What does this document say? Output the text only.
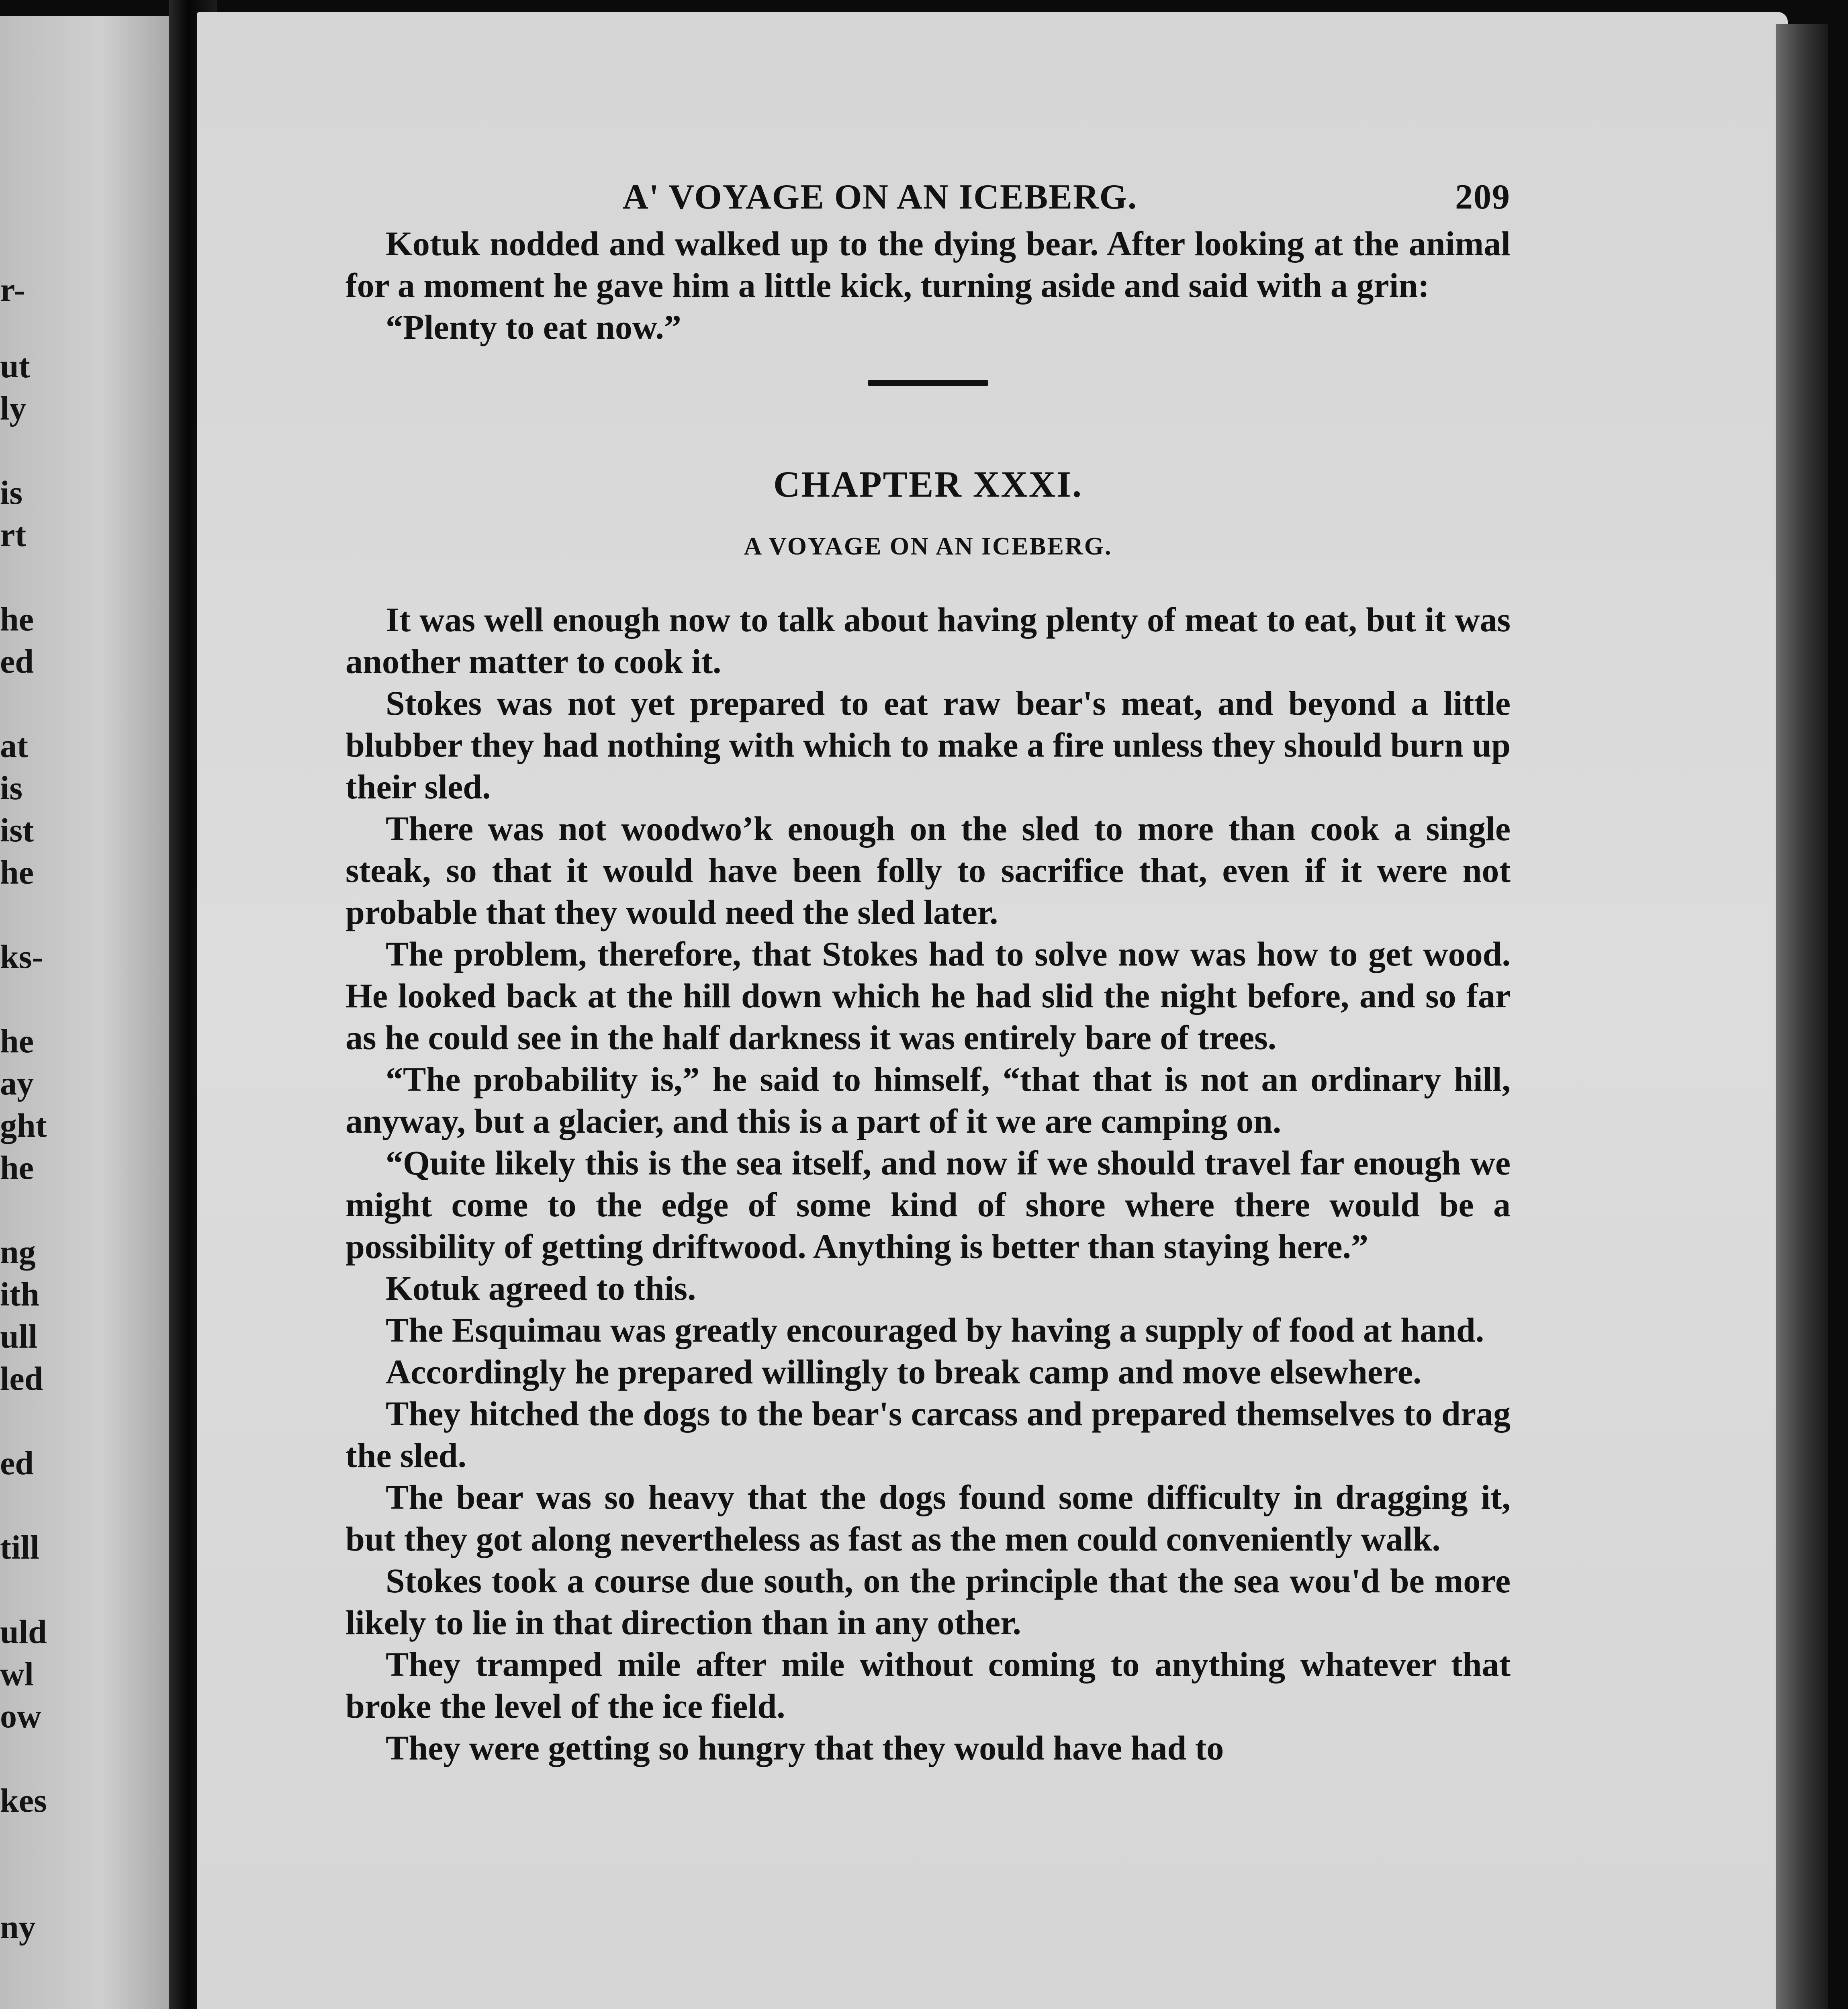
r-
ut
ly
is
rt
he
ed
at
is
ist
he
ks-
he
ay
ght
he
ng
ith
ull
led
ed
till
uld
wl
ow
kes
ny
A' VOYAGE ON AN ICEBERG.	209

Kotuk nodded and walked up to the dying bear. After looking at the animal for a moment he gave him a little kick, turning aside and said with a grin:

“Plenty to eat now.”

CHAPTER XXXI.
A VOYAGE ON AN ICEBERG.

It was well enough now to talk about having plenty of meat to eat, but it was another matter to cook it.

Stokes was not yet prepared to eat raw bear's meat, and beyond a little blubber they had nothing with which to make a fire unless they should burn up their sled.

There was not woodwo’k enough on the sled to more than cook a single steak, so that it would have been folly to sacrifice that, even if it were not probable that they would need the sled later.

The problem, therefore, that Stokes had to solve now was how to get wood. He looked back at the hill down which he had slid the night before, and so far as he could see in the half darkness it was entirely bare of trees.

“The probability is,” he said to himself, “that that is not an ordinary hill, anyway, but a glacier, and this is a part of it we are camping on.

“Quite likely this is the sea itself, and now if we should travel far enough we might come to the edge of some kind of shore where there would be a possibility of getting driftwood. Anything is better than staying here.”

Kotuk agreed to this.

The Esquimau was greatly encouraged by having a supply of food at hand.

Accordingly he prepared willingly to break camp and move elsewhere.

They hitched the dogs to the bear's carcass and prepared themselves to drag the sled.

The bear was so heavy that the dogs found some difficulty in dragging it, but they got along nevertheless as fast as the men could conveniently walk.

Stokes took a course due south, on the principle that the sea wou'd be more likely to lie in that direction than in any other.

They tramped mile after mile without coming to anything whatever that broke the level of the ice field.

They were getting so hungry that they would have had to
